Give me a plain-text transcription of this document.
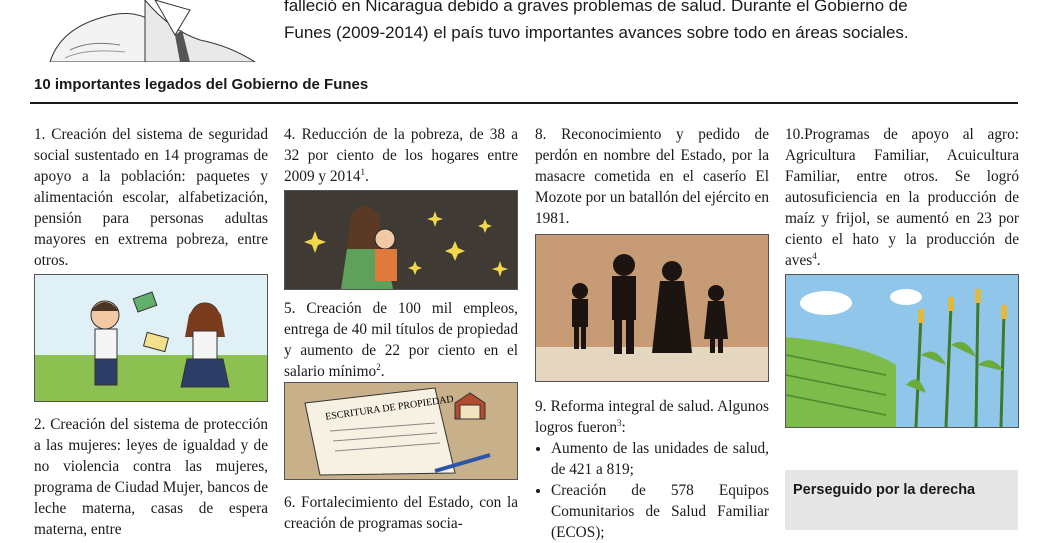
falleció en Nicaragua debido a graves problemas de salud. Durante el Gobierno de

Funes (2009-2014) el país tuvo importantes avances sobre todo en áreas sociales.

10 importantes legados del Gobierno de Funes

1. Creación del sistema de seguridad social sustentado en 14 programas de apoyo a la población: paquetes y alimentación escolar, alfabetización, pensión para personas adultas mayores en extrema pobreza, entre otros.

2. Creación del sistema de protección a las mujeres: leyes de igualdad y de no violencia contra las mujeres, programa de Ciudad Mujer, bancos de leche materna, casas de espera materna, entre

4. Reducción de la pobreza, de 38 a 32 por ciento de los hogares entre 2009 y 2014$^1$.

5. Creación de 100 mil empleos, entrega de 40 mil títulos de propiedad y aumento de 22 por ciento en el salario mínimo$^2$.

ESCRITURA DE PROPIEDAD

6. Fortalecimiento del Estado, con la creación de programas socia-

8. Reconocimiento y pedido de perdón en nombre del Estado, por la masacre cometida en el caserío El Mozote por un batallón del ejército en 1981.

9. Reforma integral de salud. Algunos logros fueron$^3$:

• Aumento de las unidades de salud, de 421 a 819;
• Creación de 578 Equipos Comunitarios de Salud Familiar (ECOS);

10.Programas de apoyo al agro: Agricultura Familiar, Acuicultura Familiar, entre otros. Se logró autosuficiencia en la producción de maíz y frijol, se aumentó en 23 por ciento el hato y la producción de aves$^4$.

Perseguido por la derecha
